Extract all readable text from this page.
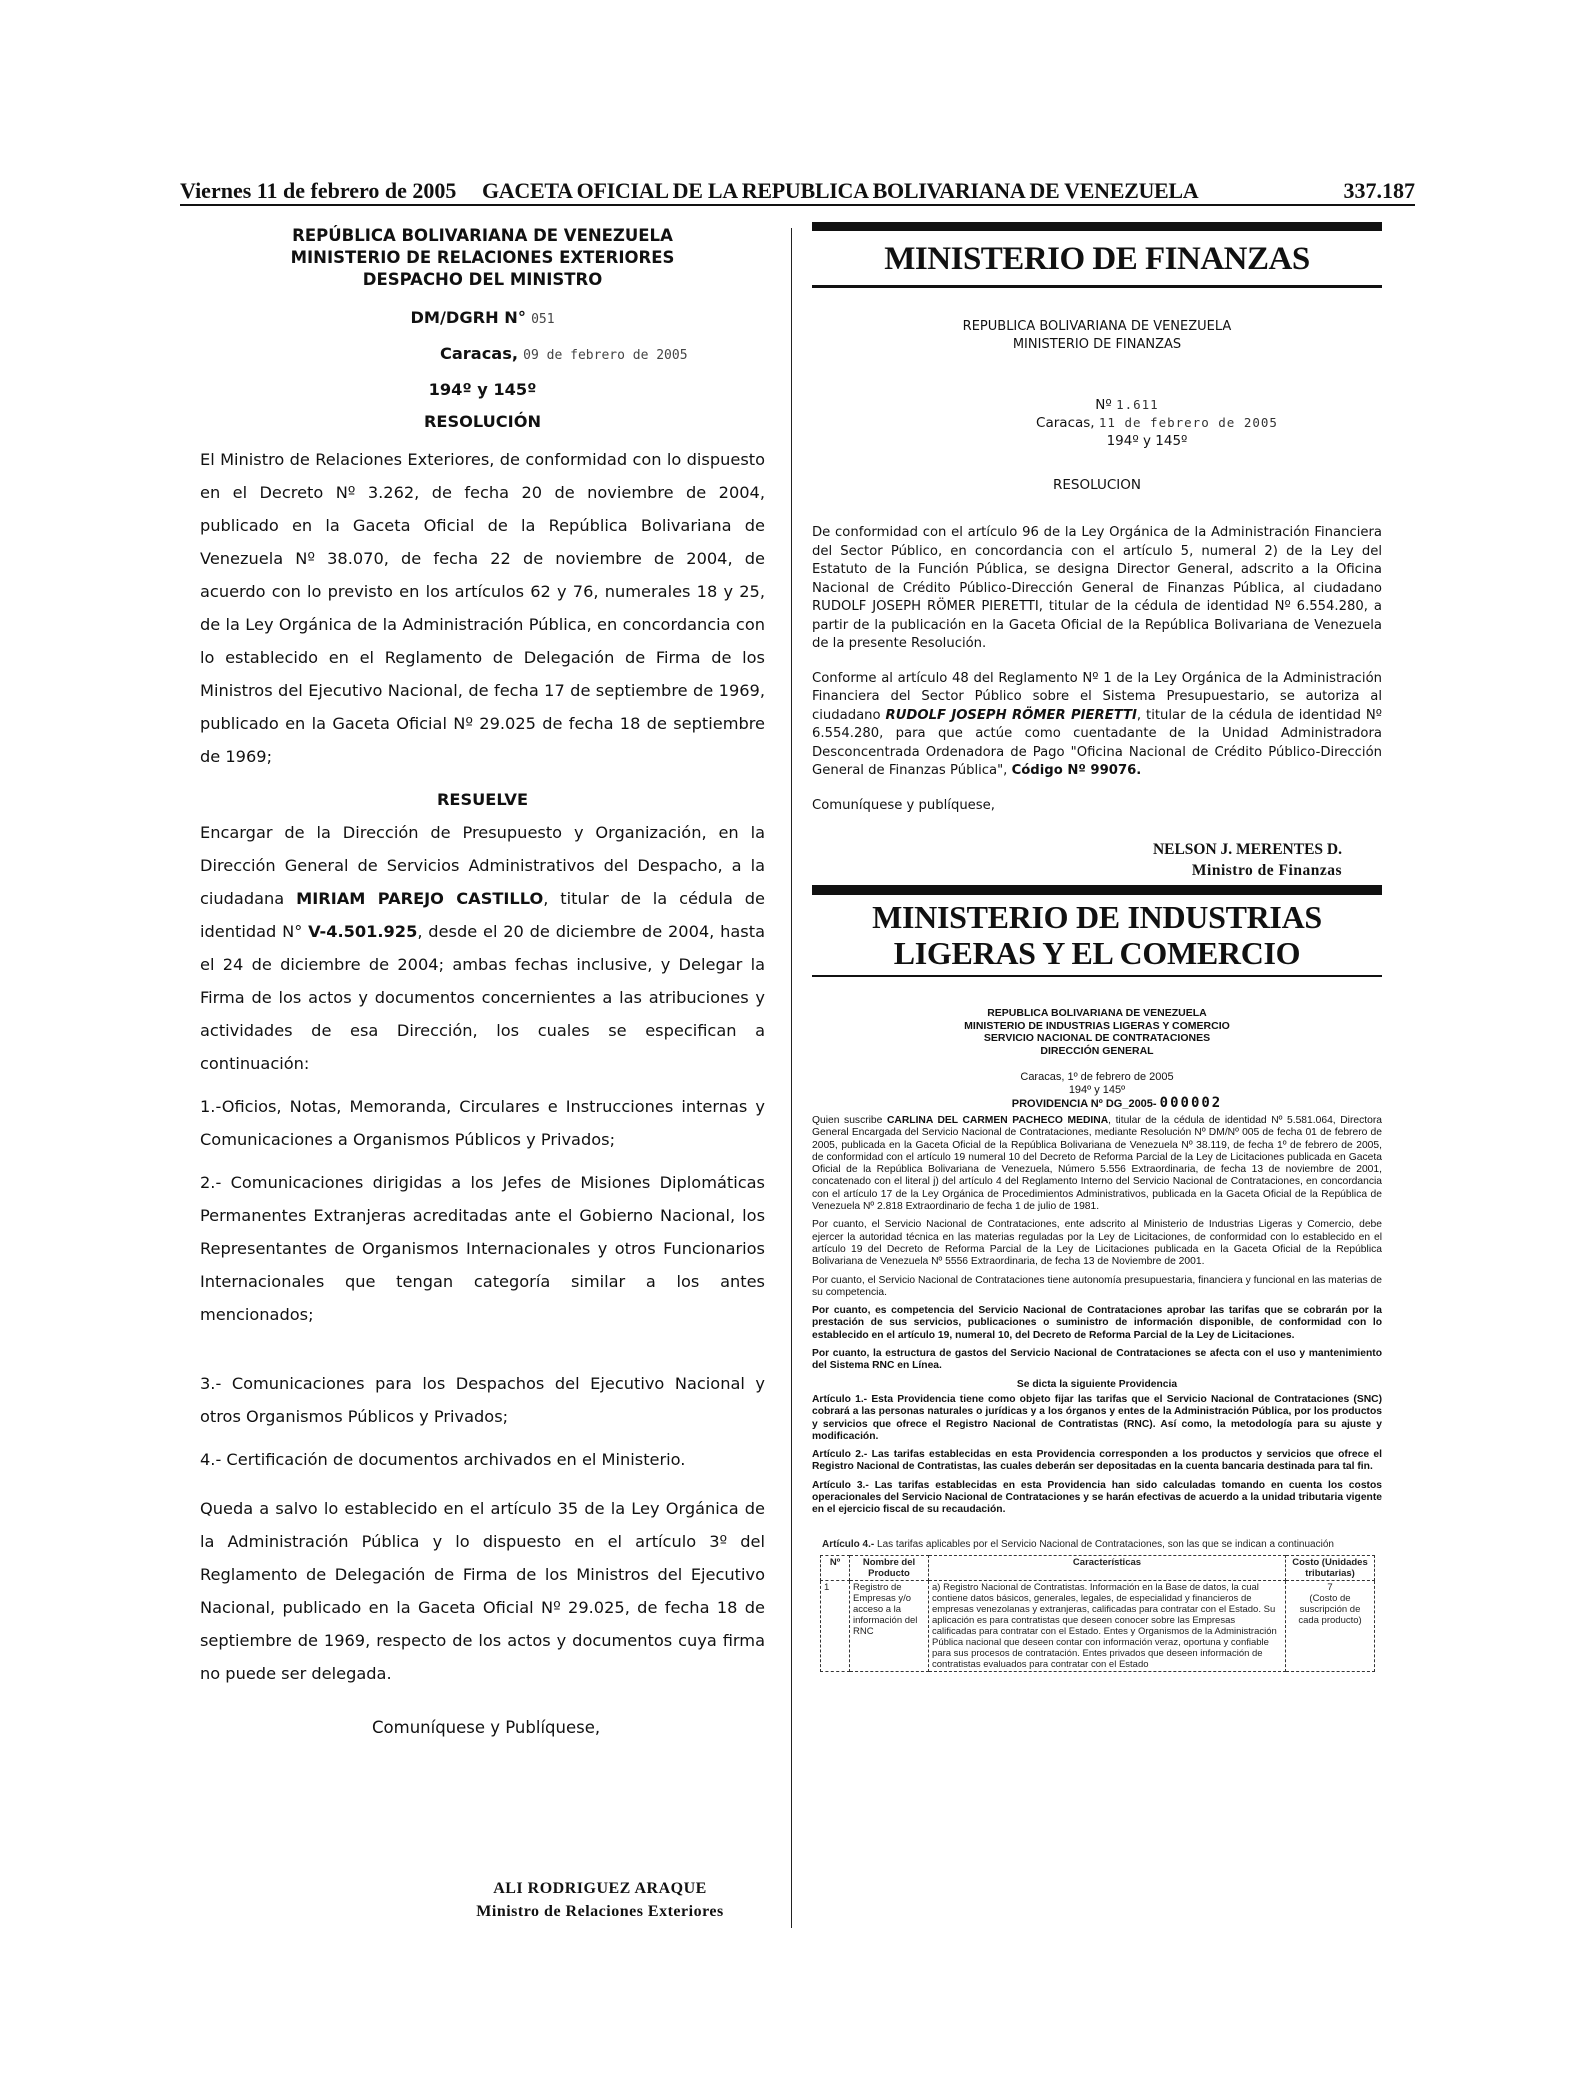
Viernes 11 de febrero de 2005 GACETA OFICIAL DE LA REPUBLICA BOLIVARIANA DE VENEZUELA	337.187
REPÚBLICA BOLIVARIANA DE VENEZUELA
MINISTERIO DE RELACIONES EXTERIORES
DESPACHO DEL MINISTRO
DM/DGRH N° 051
Caracas, 09 de febrero de 2005
194º y 145º
RESOLUCIÓN

El Ministro de Relaciones Exteriores, de conformidad con lo dispuesto en el Decreto Nº 3.262, de fecha 20 de noviembre de 2004, publicado en la Gaceta Oficial de la República Bolivariana de Venezuela Nº 38.070, de fecha 22 de noviembre de 2004, de acuerdo con lo previsto en los artículos 62 y 76, numerales 18 y 25, de la Ley Orgánica de la Administración Pública, en concordancia con lo establecido en el Reglamento de Delegación de Firma de los Ministros del Ejecutivo Nacional, de fecha 17 de septiembre de 1969, publicado en la Gaceta Oficial Nº 29.025 de fecha 18 de septiembre de 1969;

RESUELVE

Encargar de la Dirección de Presupuesto y Organización, en la Dirección General de Servicios Administrativos del Despacho, a la ciudadana MIRIAM PAREJO CASTILLO, titular de la cédula de identidad N° V-4.501.925, desde el 20 de diciembre de 2004, hasta el 24 de diciembre de 2004; ambas fechas inclusive, y Delegar la Firma de los actos y documentos concernientes a las atribuciones y actividades de esa Dirección, los cuales se especifican a continuación:

1.-Oficios, Notas, Memoranda, Circulares e Instrucciones internas y Comunicaciones a Organismos Públicos y Privados;

2.- Comunicaciones dirigidas a los Jefes de Misiones Diplomáticas Permanentes Extranjeras acreditadas ante el Gobierno Nacional, los Representantes de Organismos Internacionales y otros Funcionarios Internacionales que tengan categoría similar a los antes mencionados;

3.- Comunicaciones para los Despachos del Ejecutivo Nacional y otros Organismos Públicos y Privados;

4.- Certificación de documentos archivados en el Ministerio.

Queda a salvo lo establecido en el artículo 35 de la Ley Orgánica de la Administración Pública y lo dispuesto en el artículo 3º del Reglamento de Delegación de Firma de los Ministros del Ejecutivo Nacional, publicado en la Gaceta Oficial Nº 29.025, de fecha 18 de septiembre de 1969, respecto de los actos y documentos cuya firma no puede ser delegada.

Comuníquese y Publíquese,
ALI RODRIGUEZ ARAQUE
Ministro de Relaciones Exteriores
MINISTERIO DE FINANZAS
REPUBLICA BOLIVARIANA DE VENEZUELA
MINISTERIO DE FINANZAS
Nº 1.611
Caracas, 11 de febrero de 2005
194º y 145º
RESOLUCION

De conformidad con el artículo 96 de la Ley Orgánica de la Administración Financiera del Sector Público, en concordancia con el artículo 5, numeral 2) de la Ley del Estatuto de la Función Pública, se designa Director General, adscrito a la Oficina Nacional de Crédito Público-Dirección General de Finanzas Pública, al ciudadano RUDOLF JOSEPH RÖMER PIERETTI, titular de la cédula de identidad Nº 6.554.280, a partir de la publicación en la Gaceta Oficial de la República Bolivariana de Venezuela de la presente Resolución.

Conforme al artículo 48 del Reglamento Nº 1 de la Ley Orgánica de la Administración Financiera del Sector Público sobre el Sistema Presupuestario, se autoriza al ciudadano RUDOLF JOSEPH RÖMER PIERETTI, titular de la cédula de identidad Nº 6.554.280, para que actúe como cuentadante de la Unidad Administradora Desconcentrada Ordenadora de Pago "Oficina Nacional de Crédito Público-Dirección General de Finanzas Pública", Código Nº 99076.

Comuníquese y publíquese,

NELSON J. MERENTES D.
Ministro de Finanzas
MINISTERIO DE INDUSTRIAS
LIGERAS Y EL COMERCIO
REPUBLICA BOLIVARIANA DE VENEZUELA
MINISTERIO DE INDUSTRIAS LIGERAS Y COMERCIO
SERVICIO NACIONAL DE CONTRATACIONES
DIRECCIÓN GENERAL
Caracas, 1º de febrero de 2005
194º y 145º
PROVIDENCIA Nº DG_2005- 000002

Quien suscribe CARLINA DEL CARMEN PACHECO MEDINA, titular de la cédula de identidad Nº 5.581.064, Directora General Encargada del Servicio Nacional de Contrataciones, mediante Resolución Nº DM/Nº 005 de fecha 01 de febrero de 2005, publicada en la Gaceta Oficial de la República Bolivariana de Venezuela Nº 38.119, de fecha 1º de febrero de 2005, de conformidad con el artículo 19 numeral 10 del Decreto de Reforma Parcial de la Ley de Licitaciones publicada en Gaceta Oficial de la República Bolivariana de Venezuela, Número 5.556 Extraordinaria, de fecha 13 de noviembre de 2001, concatenado con el literal j) del artículo 4 del Reglamento Interno del Servicio Nacional de Contrataciones, en concordancia con el artículo 17 de la Ley Orgánica de Procedimientos Administrativos, publicada en la Gaceta Oficial de la República de Venezuela Nº 2.818 Extraordinario de fecha 1 de julio de 1981.

Por cuanto, el Servicio Nacional de Contrataciones, ente adscrito al Ministerio de Industrias Ligeras y Comercio, debe ejercer la autoridad técnica en las materias reguladas por la Ley de Licitaciones, de conformidad con lo establecido en el artículo 19 del Decreto de Reforma Parcial de la Ley de Licitaciones publicada en la Gaceta Oficial de la República Bolivariana de Venezuela Nº 5556 Extraordinaria, de fecha 13 de Noviembre de 2001.

Por cuanto, el Servicio Nacional de Contrataciones tiene autonomía presupuestaria, financiera y funcional en las materias de su competencia.

Por cuanto, es competencia del Servicio Nacional de Contrataciones aprobar las tarifas que se cobrarán por la prestación de sus servicios, publicaciones o suministro de información disponible, de conformidad con lo establecido en el artículo 19, numeral 10, del Decreto de Reforma Parcial de la Ley de Licitaciones.

Por cuanto, la estructura de gastos del Servicio Nacional de Contrataciones se afecta con el uso y mantenimiento del Sistema RNC en Línea.

Se dicta la siguiente Providencia

Artículo 1.- Esta Providencia tiene como objeto fijar las tarifas que el Servicio Nacional de Contrataciones (SNC) cobrará a las personas naturales o jurídicas y a los órganos y entes de la Administración Pública, por los productos y servicios que ofrece el Registro Nacional de Contratistas (RNC). Así como, la metodología para su ajuste y modificación.

Artículo 2.- Las tarifas establecidas en esta Providencia corresponden a los productos y servicios que ofrece el Registro Nacional de Contratistas, las cuales deberán ser depositadas en la cuenta bancaria destinada para tal fin.

Artículo 3.- Las tarifas establecidas en esta Providencia han sido calculadas tomando en cuenta los costos operacionales del Servicio Nacional de Contrataciones y se harán efectivas de acuerdo a la unidad tributaria vigente en el ejercicio fiscal de su recaudación.

Artículo 4.- Las tarifas aplicables por el Servicio Nacional de Contrataciones, son las que se indican a continuación
Nº	Nombre del Producto	Características	Costo (Unidades tributarias)
1	Registro de Empresas y/o acceso a la información del RNC	a) Registro Nacional de Contratistas. Información en la Base de datos, la cual contiene datos básicos, generales, legales, de especialidad y financieros de empresas venezolanas y extranjeras, calificadas para contratar con el Estado. Su aplicación es para contratistas que deseen conocer sobre las Empresas calificadas para contratar con el Estado. Entes y Organismos de la Administración Pública nacional que deseen contar con información veraz, oportuna y confiable para sus procesos de contratación. Entes privados que deseen información de contratistas evaluados para contratar con el Estado	7
(Costo de suscripción de cada producto)
